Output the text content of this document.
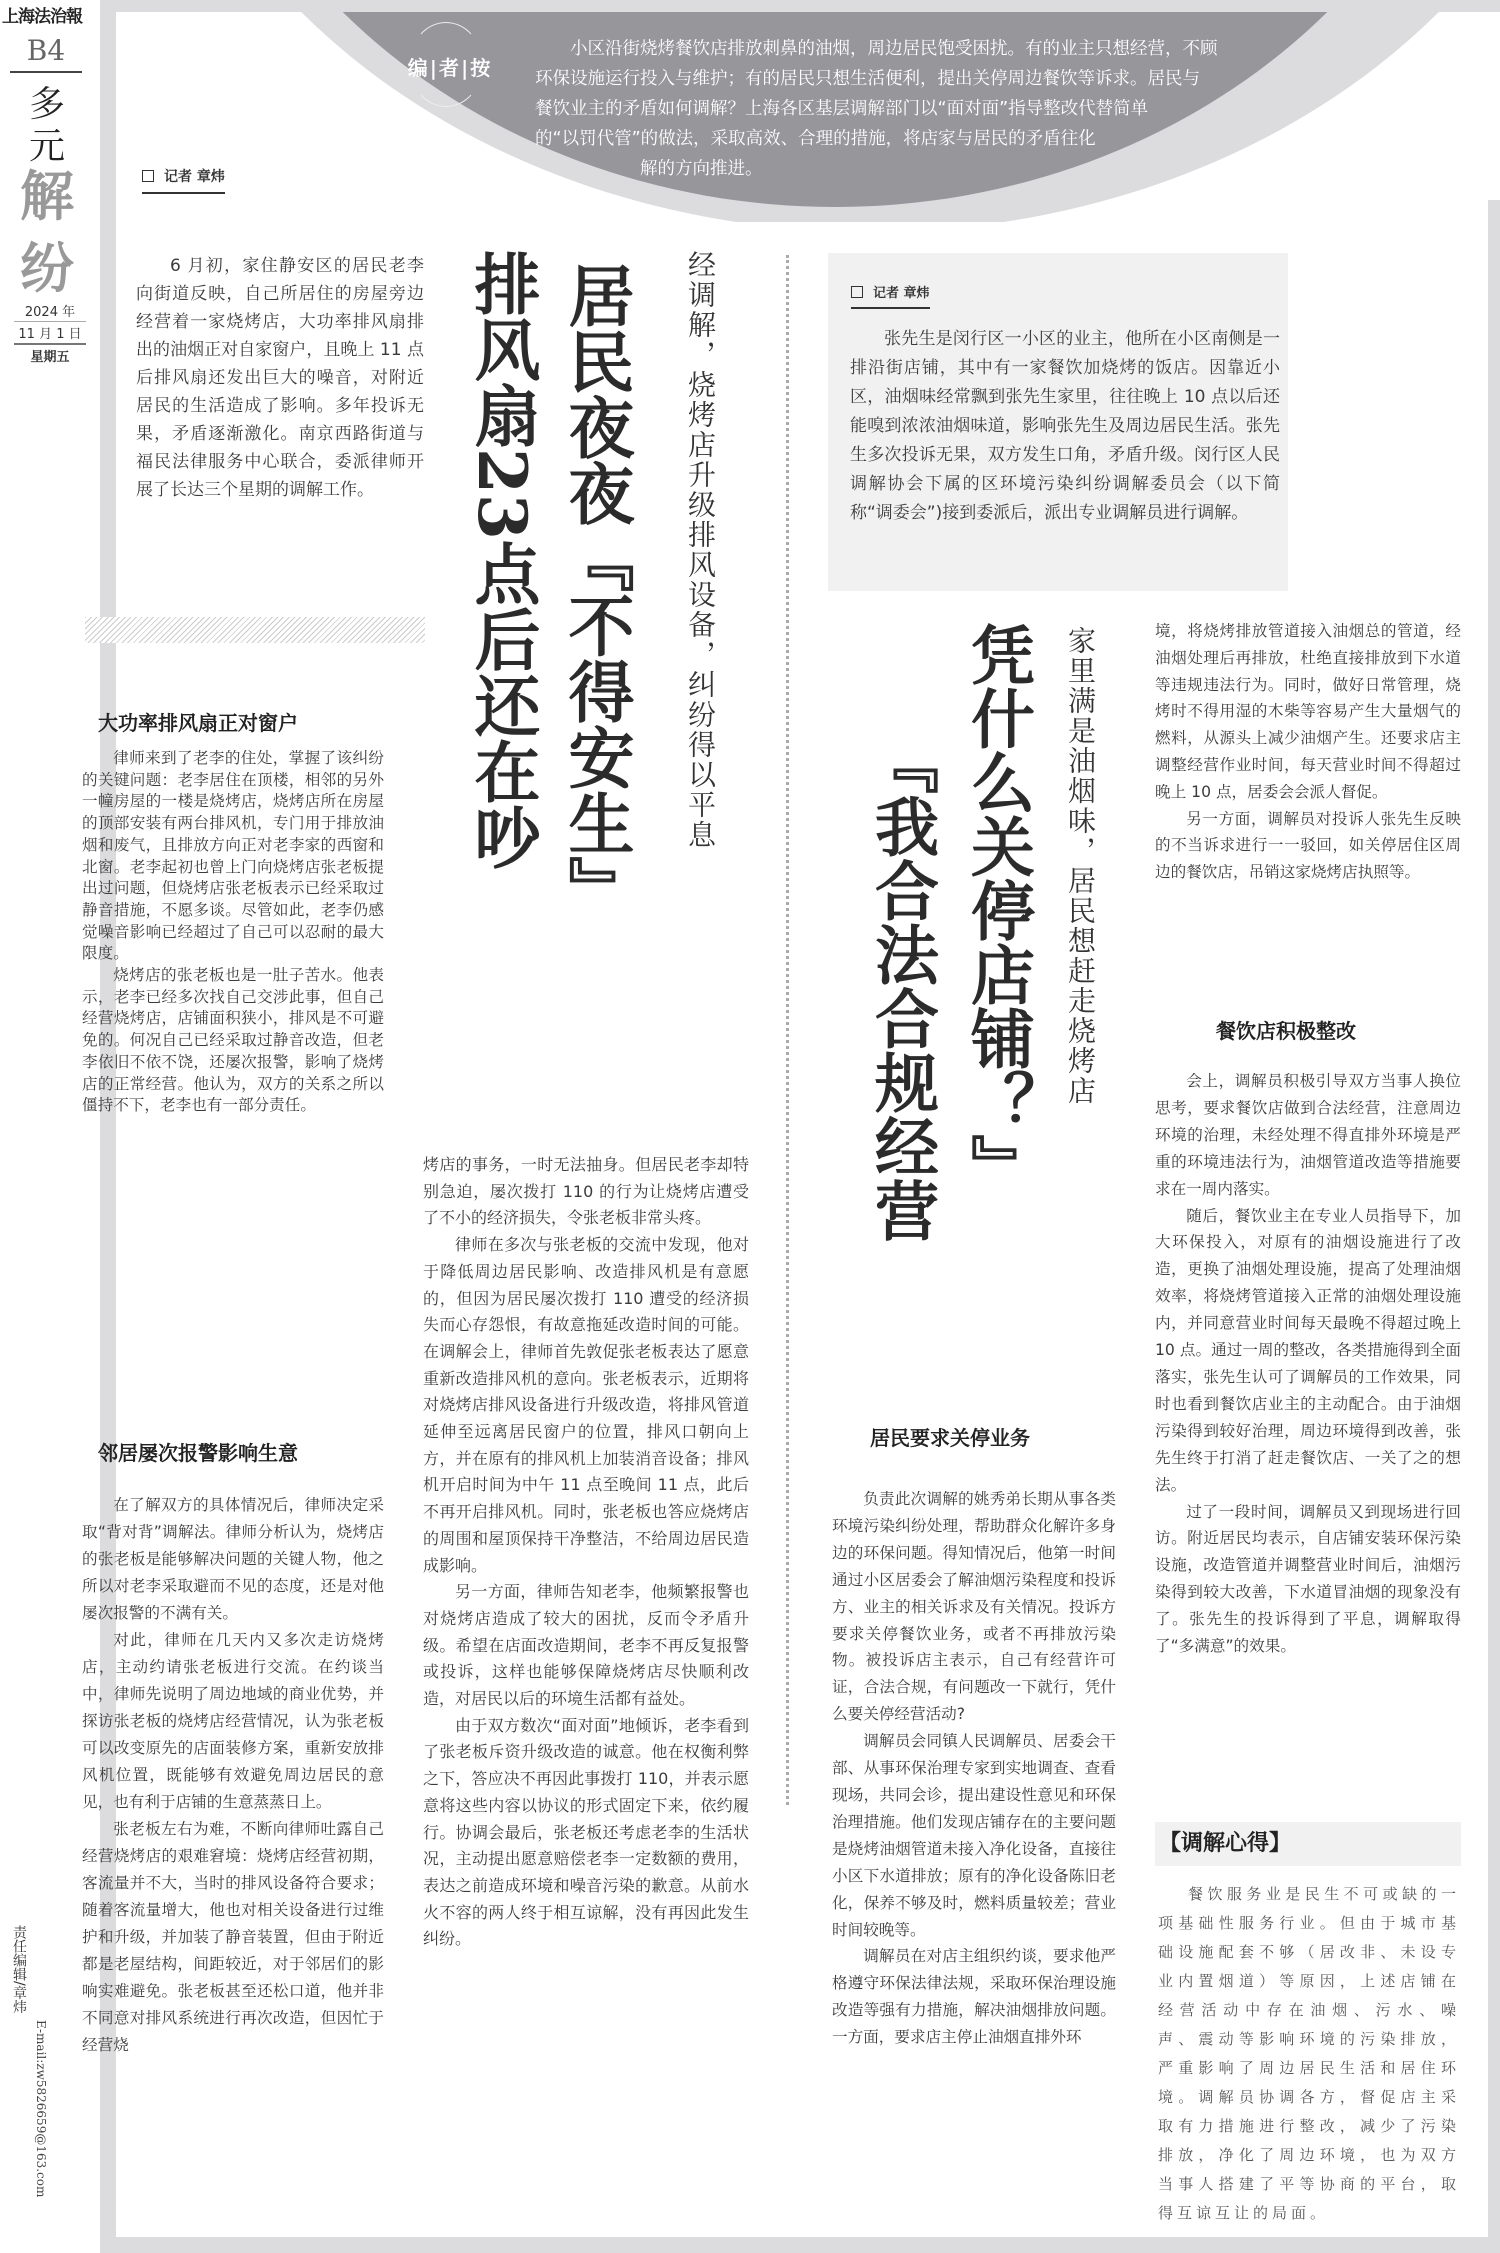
上海法治報
B4
多元
解纷
2024 年
11 月 1 日
星期五
责任编辑/章炜
E-mail:zw5826659@163.com
编|者|按

小区沿街烧烤餐饮店排放刺鼻的油烟，周边居民饱受困扰。有的业主只想经营，不顾

环保设施运行投入与维护；有的居民只想生活便利，提出关停周边餐饮等诉求。居民与

餐饮业主的矛盾如何调解？上海各区基层调解部门以“面对面”指导整改代替简单

的“以罚代管”的做法，采取高效、合理的措施，将店家与居民的矛盾往化

解的方向推进。

记者 章炜

6 月初，家住静安区的居民老李向街道反映，自己所居住的房屋旁边经营着一家烧烤店，大功率排风扇排出的油烟正对自家窗户，且晚上 11 点后排风扇还发出巨大的噪音，对附近居民的生活造成了影响。多年投诉无果，矛盾逐渐激化。南京西路街道与福民法律服务中心联合，委派律师开展了长达三个星期的调解工作。	居民夜夜『不得安生』
排风扇23点后还在吵	经调解，烧烤店升级排风设备，纠纷得以平息
大功率排风扇正对窗户

律师来到了老李的住处，掌握了该纠纷的关键问题：老李居住在顶楼，相邻的另外一幢房屋的一楼是烧烤店，烧烤店所在房屋的顶部安装有两台排风机，专门用于排放油烟和废气，且排放方向正对老李家的西窗和北窗。老李起初也曾上门向烧烤店张老板提出过问题，但烧烤店张老板表示已经采取过静音措施，不愿多谈。尽管如此，老李仍感觉噪音影响已经超过了自己可以忍耐的最大限度。

烧烤店的张老板也是一肚子苦水。他表示，老李已经多次找自己交涉此事，但自己经营烧烤店，店铺面积狭小，排风是不可避免的。何况自己已经采取过静音改造，但老李依旧不依不饶，还屡次报警，影响了烧烤店的正常经营。他认为，双方的关系之所以僵持不下，老李也有一部分责任。

邻居屡次报警影响生意

在了解双方的具体情况后，律师决定采取“背对背”调解法。律师分析认为，烧烤店的张老板是能够解决问题的关键人物，他之所以对老李采取避而不见的态度，还是对他屡次报警的不满有关。

对此，律师在几天内又多次走访烧烤店，主动约请张老板进行交流。在约谈当中，律师先说明了周边地域的商业优势，并探访张老板的烧烤店经营情况，认为张老板可以改变原先的店面装修方案，重新安放排风机位置，既能够有效避免周边居民的意见，也有利于店铺的生意蒸蒸日上。

张老板左右为难，不断向律师吐露自己经营烧烤店的艰难窘境：烧烤店经营初期，客流量并不大，当时的排风设备符合要求；随着客流量增大，他也对相关设备进行过维护和升级，并加装了静音装置，但由于附近都是老屋结构，间距较近，对于邻居们的影响实难避免。张老板甚至还松口道，他并非不同意对排风系统进行再次改造，但因忙于经营烧

烤店的事务，一时无法抽身。但居民老李却特别急迫，屡次拨打 110 的行为让烧烤店遭受了不小的经济损失，令张老板非常头疼。

律师在多次与张老板的交流中发现，他对于降低周边居民影响、改造排风机是有意愿的，但因为居民屡次拨打 110 遭受的经济损失而心存怨恨，有故意拖延改造时间的可能。在调解会上，律师首先敦促张老板表达了愿意重新改造排风机的意向。张老板表示，近期将对烧烤店排风设备进行升级改造，将排风管道延伸至远离居民窗户的位置，排风口朝向上方，并在原有的排风机上加装消音设备；排风机开启时间为中午 11 点至晚间 11 点，此后不再开启排风机。同时，张老板也答应烧烤店的周围和屋顶保持干净整洁，不给周边居民造成影响。

另一方面，律师告知老李，他频繁报警也对烧烤店造成了较大的困扰，反而令矛盾升级。希望在店面改造期间，老李不再反复报警或投诉，这样也能够保障烧烤店尽快顺利改造，对居民以后的环境生活都有益处。

由于双方数次“面对面”地倾诉，老李看到了张老板斥资升级改造的诚意。他在权衡利弊之下，答应决不再因此事拨打 110，并表示愿意将这些内容以协议的形式固定下来，依约履行。协调会最后，张老板还考虑老李的生活状况，主动提出愿意赔偿老李一定数额的费用，表达之前造成环境和噪音污染的歉意。从前水火不容的两人终于相互谅解，没有再因此发生纠纷。

记者 章炜

张先生是闵行区一小区的业主，他所在小区南侧是一排沿街店铺，其中有一家餐饮加烧烤的饭店。因靠近小区，油烟味经常飘到张先生家里，往往晚上 10 点以后还能嗅到浓浓油烟味道，影响张先生及周边居民生活。张先生多次投诉无果，双方发生口角，矛盾升级。闵行区人民调解协会下属的区环境污染纠纷调解委员会（以下简称“调委会”)接到委派后，派出专业调解员进行调解。

凭什么关停店铺？』
『我合法合规经营	家里满是油烟味，居民想赶走烧烤店
居民要求关停业务

负责此次调解的姚秀弟长期从事各类环境污染纠纷处理，帮助群众化解许多身边的环保问题。得知情况后，他第一时间通过小区居委会了解油烟污染程度和投诉方、业主的相关诉求及有关情况。投诉方要求关停餐饮业务，或者不再排放污染物。被投诉店主表示，自己有经营许可证，合法合规，有问题改一下就行，凭什么要关停经营活动?

调解员会同镇人民调解员、居委会干部、从事环保治理专家到实地调查、查看现场，共同会诊，提出建设性意见和环保治理措施。他们发现店铺存在的主要问题是烧烤油烟管道未接入净化设备，直接往小区下水道排放；原有的净化设备陈旧老化，保养不够及时，燃料质量较差；营业时间较晚等。

调解员在对店主组织约谈，要求他严格遵守环保法律法规，采取环保治理设施改造等强有力措施，解决油烟排放问题。一方面，要求店主停止油烟直排外环

境，将烧烤排放管道接入油烟总的管道，经油烟处理后再排放，杜绝直接排放到下水道等违规违法行为。同时，做好日常管理，烧烤时不得用湿的木柴等容易产生大量烟气的燃料，从源头上减少油烟产生。还要求店主调整经营作业时间，每天营业时间不得超过晚上 10 点，居委会会派人督促。

另一方面，调解员对投诉人张先生反映的不当诉求进行一一驳回，如关停居住区周边的餐饮店，吊销这家烧烤店执照等。

餐饮店积极整改

会上，调解员积极引导双方当事人换位思考，要求餐饮店做到合法经营，注意周边环境的治理，未经处理不得直排外环境是严重的环境违法行为，油烟管道改造等措施要求在一周内落实。

随后，餐饮业主在专业人员指导下，加大环保投入，对原有的油烟设施进行了改造，更换了油烟处理设施，提高了处理油烟效率，将烧烤管道接入正常的油烟处理设施内，并同意营业时间每天最晚不得超过晚上 10 点。通过一周的整改，各类措施得到全面落实，张先生认可了调解员的工作效果，同时也看到餐饮店业主的主动配合。由于油烟污染得到较好治理，周边环境得到改善，张先生终于打消了赶走餐饮店、一关了之的想法。

过了一段时间，调解员又到现场进行回访。附近居民均表示，自店铺安装环保污染设施，改造管道并调整营业时间后，油烟污染得到较大改善，下水道冒油烟的现象没有了。张先生的投诉得到了平息，调解取得了“多满意”的效果。

【调解心得】

餐饮服务业是民生不可或缺的一项基础性服务行业。但由于城市基础设施配套不够（居改非、未设专业内置烟道）等原因，上述店铺在经营活动中存在油烟、污水、噪声、震动等影响环境的污染排放，严重影响了周边居民生活和居住环境。调解员协调各方，督促店主采取有力措施进行整改，减少了污染排放，净化了周边环境，也为双方当事人搭建了平等协商的平台，取得互谅互让的局面。
